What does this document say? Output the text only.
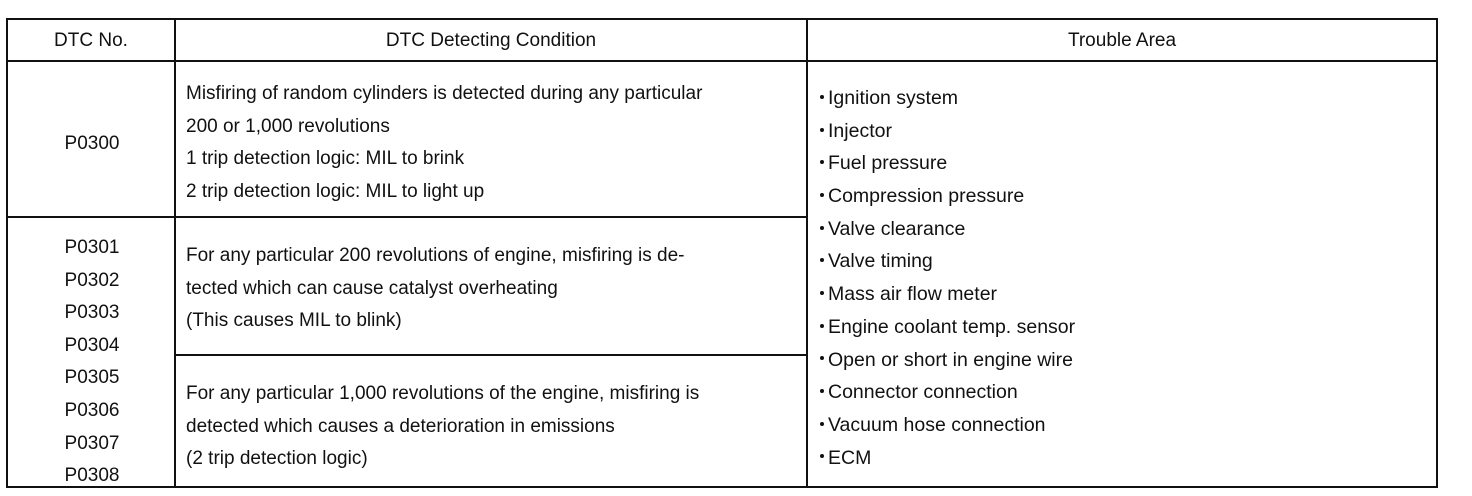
DTC No.	DTC Detecting Condition	Trouble Area
P0300
Misfiring of random cylinders is detected during any particular
200 or 1,000 revolutions
1 trip detection logic: MIL to brink
2 trip detection logic: MIL to light up
P0301
P0302
P0303
P0304
P0305
P0306
P0307
P0308
For any particular 200 revolutions of engine, misfiring is de-
tected which can cause catalyst overheating
(This causes MIL to blink)
For any particular 1,000 revolutions of the engine, misfiring is
detected which causes a deterioration in emissions
(2 trip detection logic)
Ignition system
Injector
Fuel pressure
Compression pressure
Valve clearance
Valve timing
Mass air flow meter
Engine coolant temp. sensor
Open or short in engine wire
Connector connection
Vacuum hose connection
ECM
